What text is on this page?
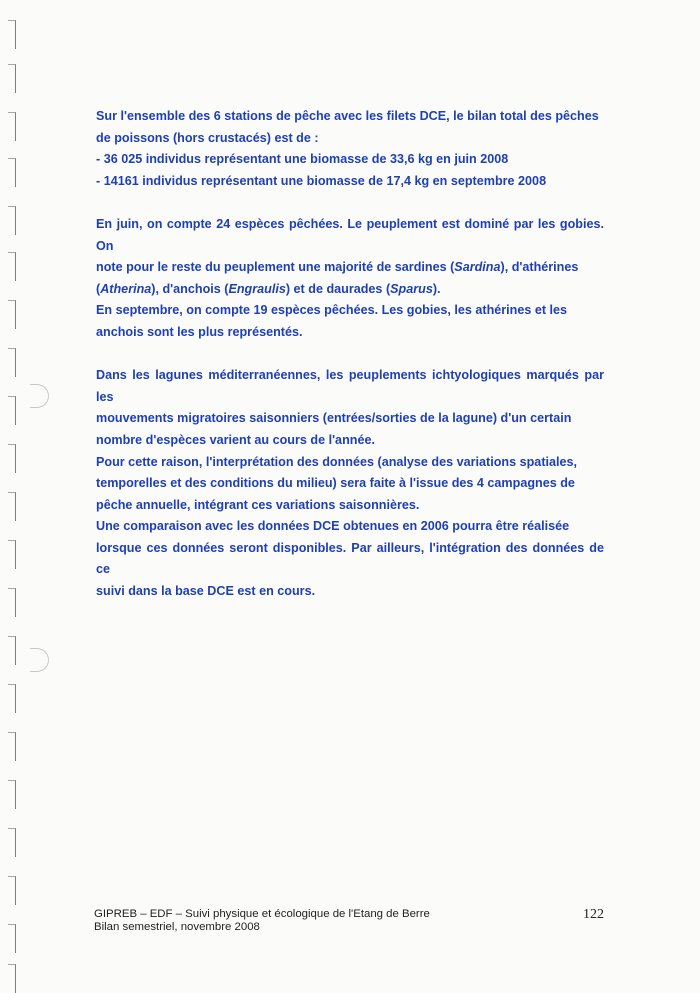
Sur l'ensemble des 6 stations de pêche avec les filets DCE, le bilan total des pêches
de poissons (hors crustacés) est de :
- 36 025 individus représentant une biomasse de 33,6 kg en juin 2008
- 14161 individus représentant une biomasse de 17,4 kg en septembre 2008

En juin, on compte 24 espèces pêchées. Le peuplement est dominé par les gobies. On
note pour le reste du peuplement une majorité de sardines (Sardina), d'athérines
(Atherina), d'anchois (Engraulis) et de daurades (Sparus).
En septembre, on compte 19 espèces pêchées. Les gobies, les athérines et les
anchois sont les plus représentés.

Dans les lagunes méditerranéennes, les peuplements ichtyologiques marqués par les
mouvements migratoires saisonniers (entrées/sorties de la lagune) d'un certain
nombre d'espèces varient au cours de l'année.
Pour cette raison, l'interprétation des données (analyse des variations spatiales,
temporelles et des conditions du milieu) sera faite à l'issue des 4 campagnes de
pêche annuelle, intégrant ces variations saisonnières.
Une comparaison avec les données DCE obtenues en 2006 pourra être réalisée
lorsque ces données seront disponibles. Par ailleurs, l'intégration des données de ce
suivi dans la base DCE est en cours.

GIPREB – EDF – Suivi physique et écologique de l'Etang de Berre
Bilan semestriel, novembre 2008
122
